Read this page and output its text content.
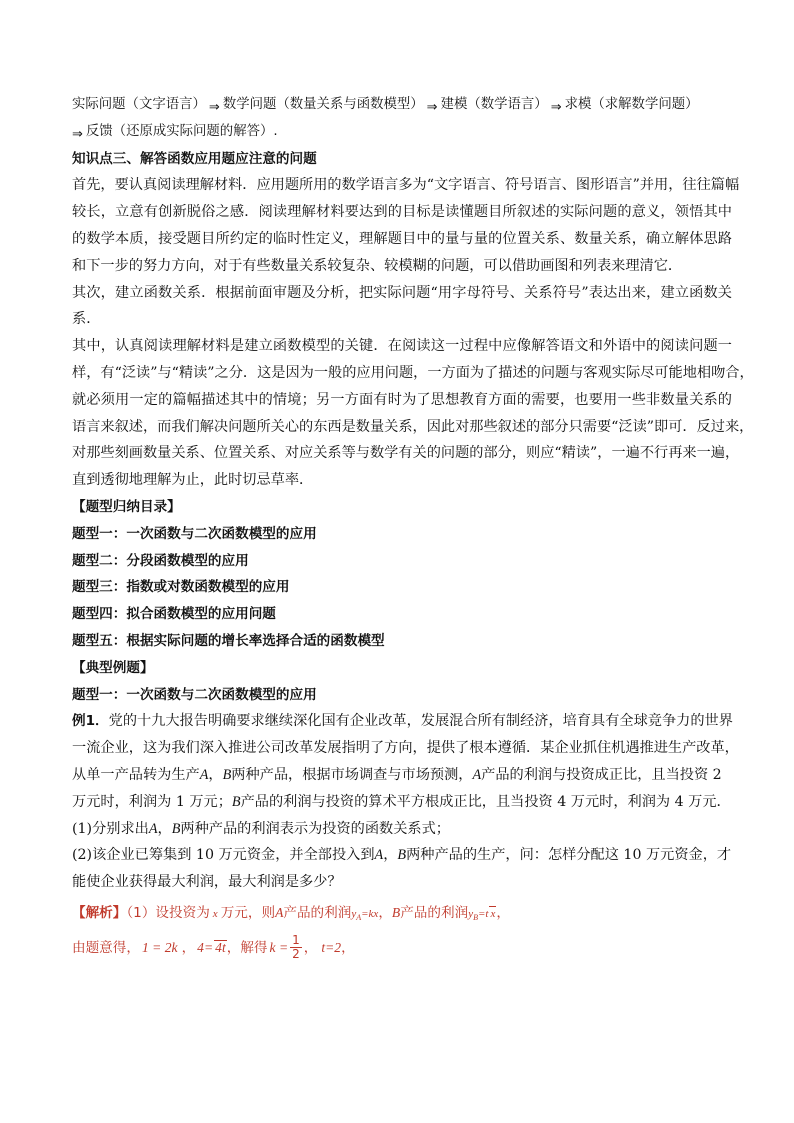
实际问题（文字语言） ⇒ 数学问题（数量关系与函数模型） ⇒ 建模（数学语言） ⇒ 求模（求解数学问题）
⇒ 反馈（还原成实际问题的解答）.
知识点三、解答函数应用题应注意的问题
首先，要认真阅读理解材料．应用题所用的数学语言多为“文字语言、符号语言、图形语言”并用，往往篇幅
较长，立意有创新脱俗之感．阅读理解材料要达到的目标是读懂题目所叙述的实际问题的意义，领悟其中
的数学本质，接受题目所约定的临时性定义，理解题目中的量与量的位置关系、数量关系，确立解体思路
和下一步的努力方向，对于有些数量关系较复杂、较模糊的问题，可以借助画图和列表来理清它．
其次，建立函数关系．根据前面审题及分析，把实际问题“用字母符号、关系符号”表达出来，建立函数关
系．
其中，认真阅读理解材料是建立函数模型的关键．在阅读这一过程中应像解答语文和外语中的阅读问题一
样，有“泛读”与“精读”之分．这是因为一般的应用问题，一方面为了描述的问题与客观实际尽可能地相吻合，
就必须用一定的篇幅描述其中的情境；另一方面有时为了思想教育方面的需要，也要用一些非数量关系的
语言来叙述，而我们解决问题所关心的东西是数量关系，因此对那些叙述的部分只需要“泛读”即可．反过来，
对那些刻画数量关系、位置关系、对应关系等与数学有关的问题的部分，则应“精读”，一遍不行再来一遍，
直到透彻地理解为止，此时切忌草率．
【题型归纳目录】
题型一：一次函数与二次函数模型的应用
题型二：分段函数模型的应用
题型三：指数或对数函数模型的应用
题型四：拟合函数模型的应用问题
题型五：根据实际问题的增长率选择合适的函数模型
【典型例题】
题型一：一次函数与二次函数模型的应用
例1．党的十九大报告明确要求继续深化国有企业改革，发展混合所有制经济，培育具有全球竞争力的世界
一流企业，这为我们深入推进公司改革发展指明了方向，提供了根本遵循．某企业抓住机遇推进生产改革，
从单一产品转为生产A，B两种产品，根据市场调查与市场预测，A产品的利润与投资成正比，且当投资 2
万元时，利润为 1 万元；B产品的利润与投资的算术平方根成正比，且当投资 4 万元时，利润为 4 万元．
(1)分别求出A，B两种产品的利润表示为投资的函数关系式；
(2)该企业已筹集到 10 万元资金，并全部投入到A，B两种产品的生产，问：怎样分配这 10 万元资金，才
能使企业获得最大利润，最大利润是多少？
【解析】（1）设投资为 x 万元，则A产品的利润$y_A=kx$，B产品的利润$y_B=t$ x，
由题意得， 1 = 2k ， 4= 4t，解得 $k = \frac{1}{2}$ ， t=2，
